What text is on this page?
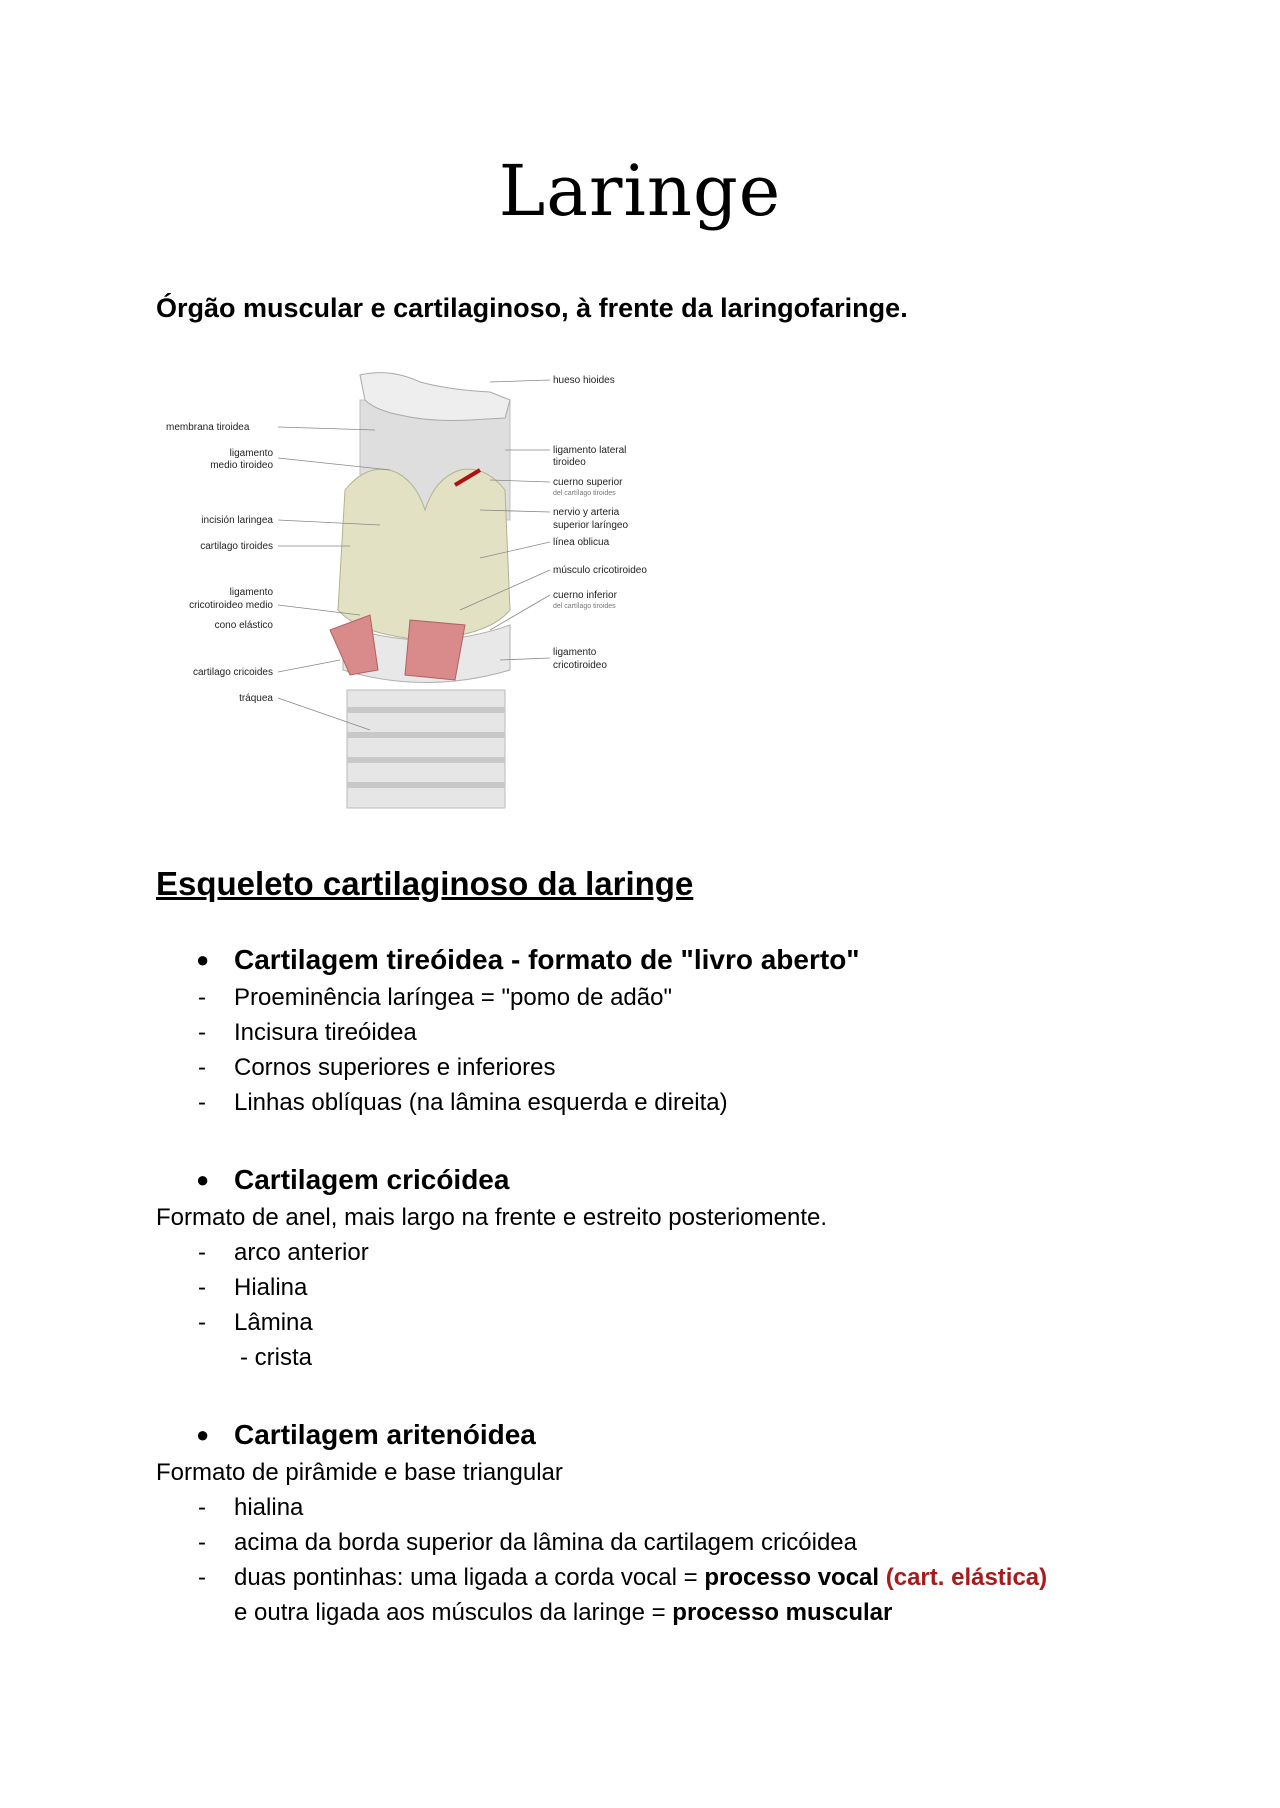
Laringe
Órgão muscular e cartilaginoso, à frente da laringofaringe.
membrana tiroidea
ligamento
medio tiroideo
incisión laringea
cartilago tiroides
ligamento
cricotiroideo medio
cono elástico
cartilago cricoides
tráquea
hueso hioides
ligamento lateral
tiroideo
cuerno superior
del cartílago tiroides
nervio y arteria
superior laríngeo
línea oblicua
músculo cricotiroideo
cuerno inferior
del cartílago tiroides
ligamento
cricotiroideo
Esqueleto cartilaginoso da laringe
● Cartilagem tireóidea - formato de "livro aberto"
- Proeminência laríngea = "pomo de adão"
- Incisura tireóidea
- Cornos superiores e inferiores
- Linhas oblíquas (na lâmina esquerda e direita)
● Cartilagem cricóidea
Formato de anel, mais largo na frente e estreito posteriomente.
- arco anterior
- Hialina
- Lâmina
- crista
● Cartilagem aritenóidea
Formato de pirâmide e base triangular
- hialina
- acima da borda superior da lâmina da cartilagem cricóidea
- duas pontinhas: uma ligada a corda vocal = processo vocal (cart. elástica)
e outra ligada aos músculos da laringe = processo muscular
